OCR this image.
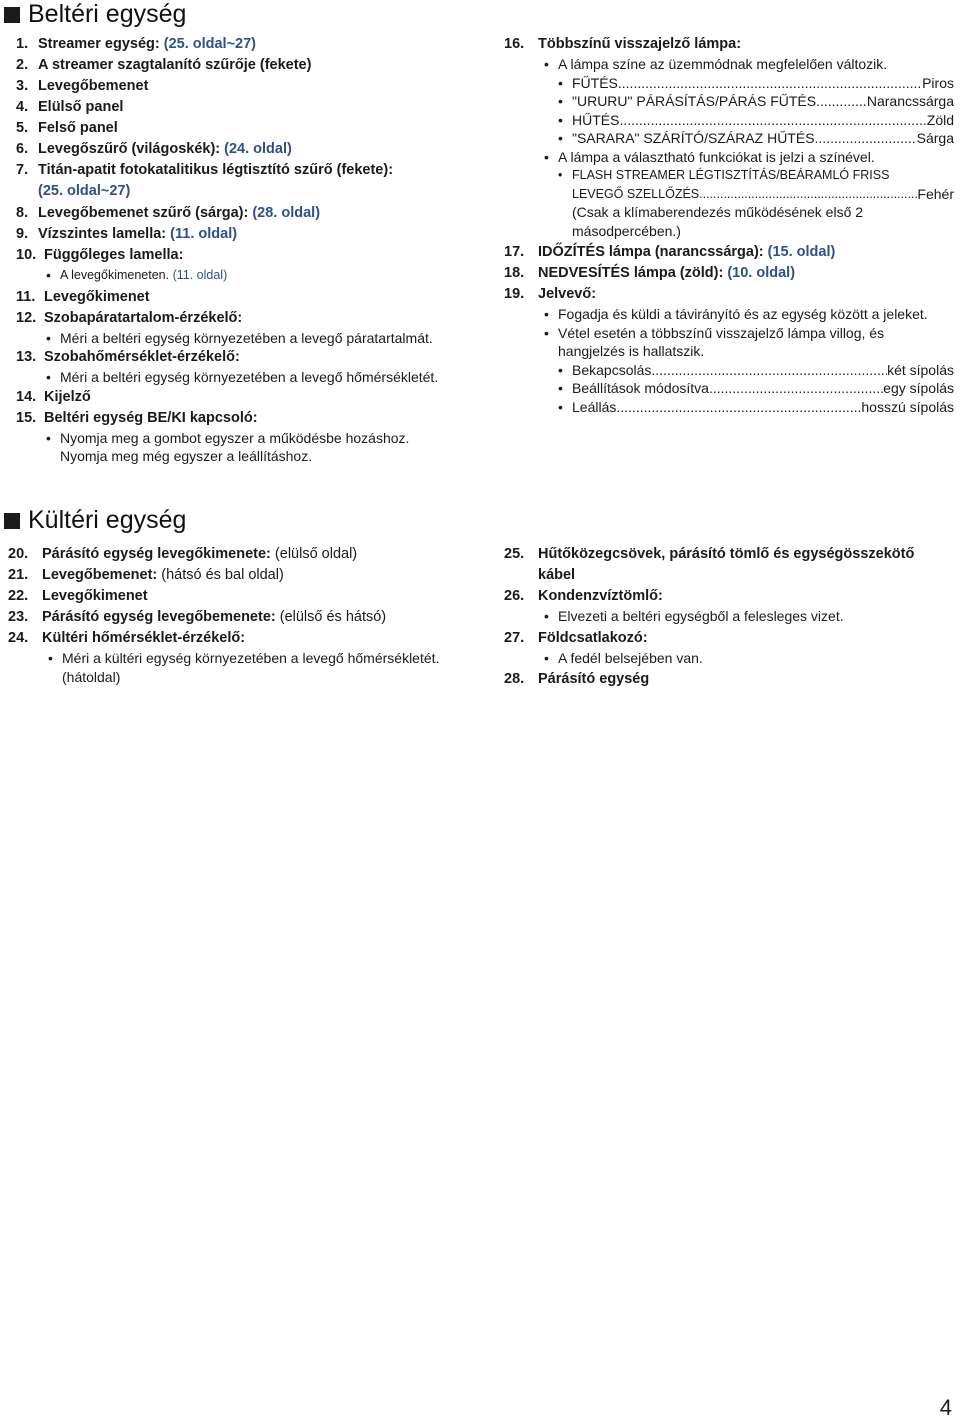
Beltéri egység
1. Streamer egység: (25. oldal~27)
2. A streamer szagtalanító szűrője (fekete)
3. Levegőbemenet
4. Elülső panel
5. Felső panel
6. Levegőszűrő (világoskék): (24. oldal)
7. Titán-apatit fotokatalitikus légtisztító szűrő (fekete):
(25. oldal~27)
8. Levegőbemenet szűrő (sárga): (28. oldal)
9. Vízszintes lamella: (11. oldal)
10. Függőleges lamella:
• A levegőkimeneten. (11. oldal)
11. Levegőkimenet
12. Szobapáratartalom-érzékelő:
• Méri a beltéri egység környezetében a levegő páratartalmát.
13. Szobahőmérséklet-érzékelő:
• Méri a beltéri egység környezetében a levegő hőmérsékletét.
14. Kijelző
15. Beltéri egység BE/KI kapcsoló:
• Nyomja meg a gombot egyszer a működésbe hozáshoz.
Nyomja meg még egyszer a leállításhoz.
16. Többszínű visszajelző lámpa:
• A lámpa színe az üzemmódnak megfelelően változik.
• FŰTÉS .....	Piros
• "URURU" PÁRÁSÍTÁS/PÁRÁS FŰTÉS .....	Narancssárga
• HŰTÉS .....	Zöld
• "SARARA" SZÁRÍTÓ/SZÁRAZ HŰTÉS .....	Sárga
• A lámpa a választható funkciókat is jelzi a színével.
• FLASH STREAMER LÉGTISZTÍTÁS/BEÁRAMLÓ FRISS
LEVEGŐ SZELLŐZÉS .....	Fehér
(Csak a klímaberendezés működésének első 2
másodpercében.)
17. IDŐZÍTÉS lámpa (narancssárga): (15. oldal)
18. NEDVESÍTÉS lámpa (zöld): (10. oldal)
19. Jelvevő:
• Fogadja és küldi a távirányító és az egység között a jeleket.
• Vétel esetén a többszínű visszajelző lámpa villog, és
hangjelzés is hallatszik.
• Bekapcsolás .....	két sípolás
• Beállítások módosítva .....	egy sípolás
• Leállás .....	hosszú sípolás
Kültéri egység
20. Párásító egység levegőkimenete: (elülső oldal)
21. Levegőbemenet: (hátsó és bal oldal)
22. Levegőkimenet
23. Párásító egység levegőbemenete: (elülső és hátsó)
24. Kültéri hőmérséklet-érzékelő:
• Méri a kültéri egység környezetében a levegő hőmérsékletét.
(hátoldal)
25. Hűtőközegcsövek, párásító tömlő és egységösszekötő
kábel
26. Kondenzvíztömlő:
• Elvezeti a beltéri egységből a felesleges vizet.
27. Földcsatlakozó:
• A fedél belsejében van.
28. Párásító egység
4
